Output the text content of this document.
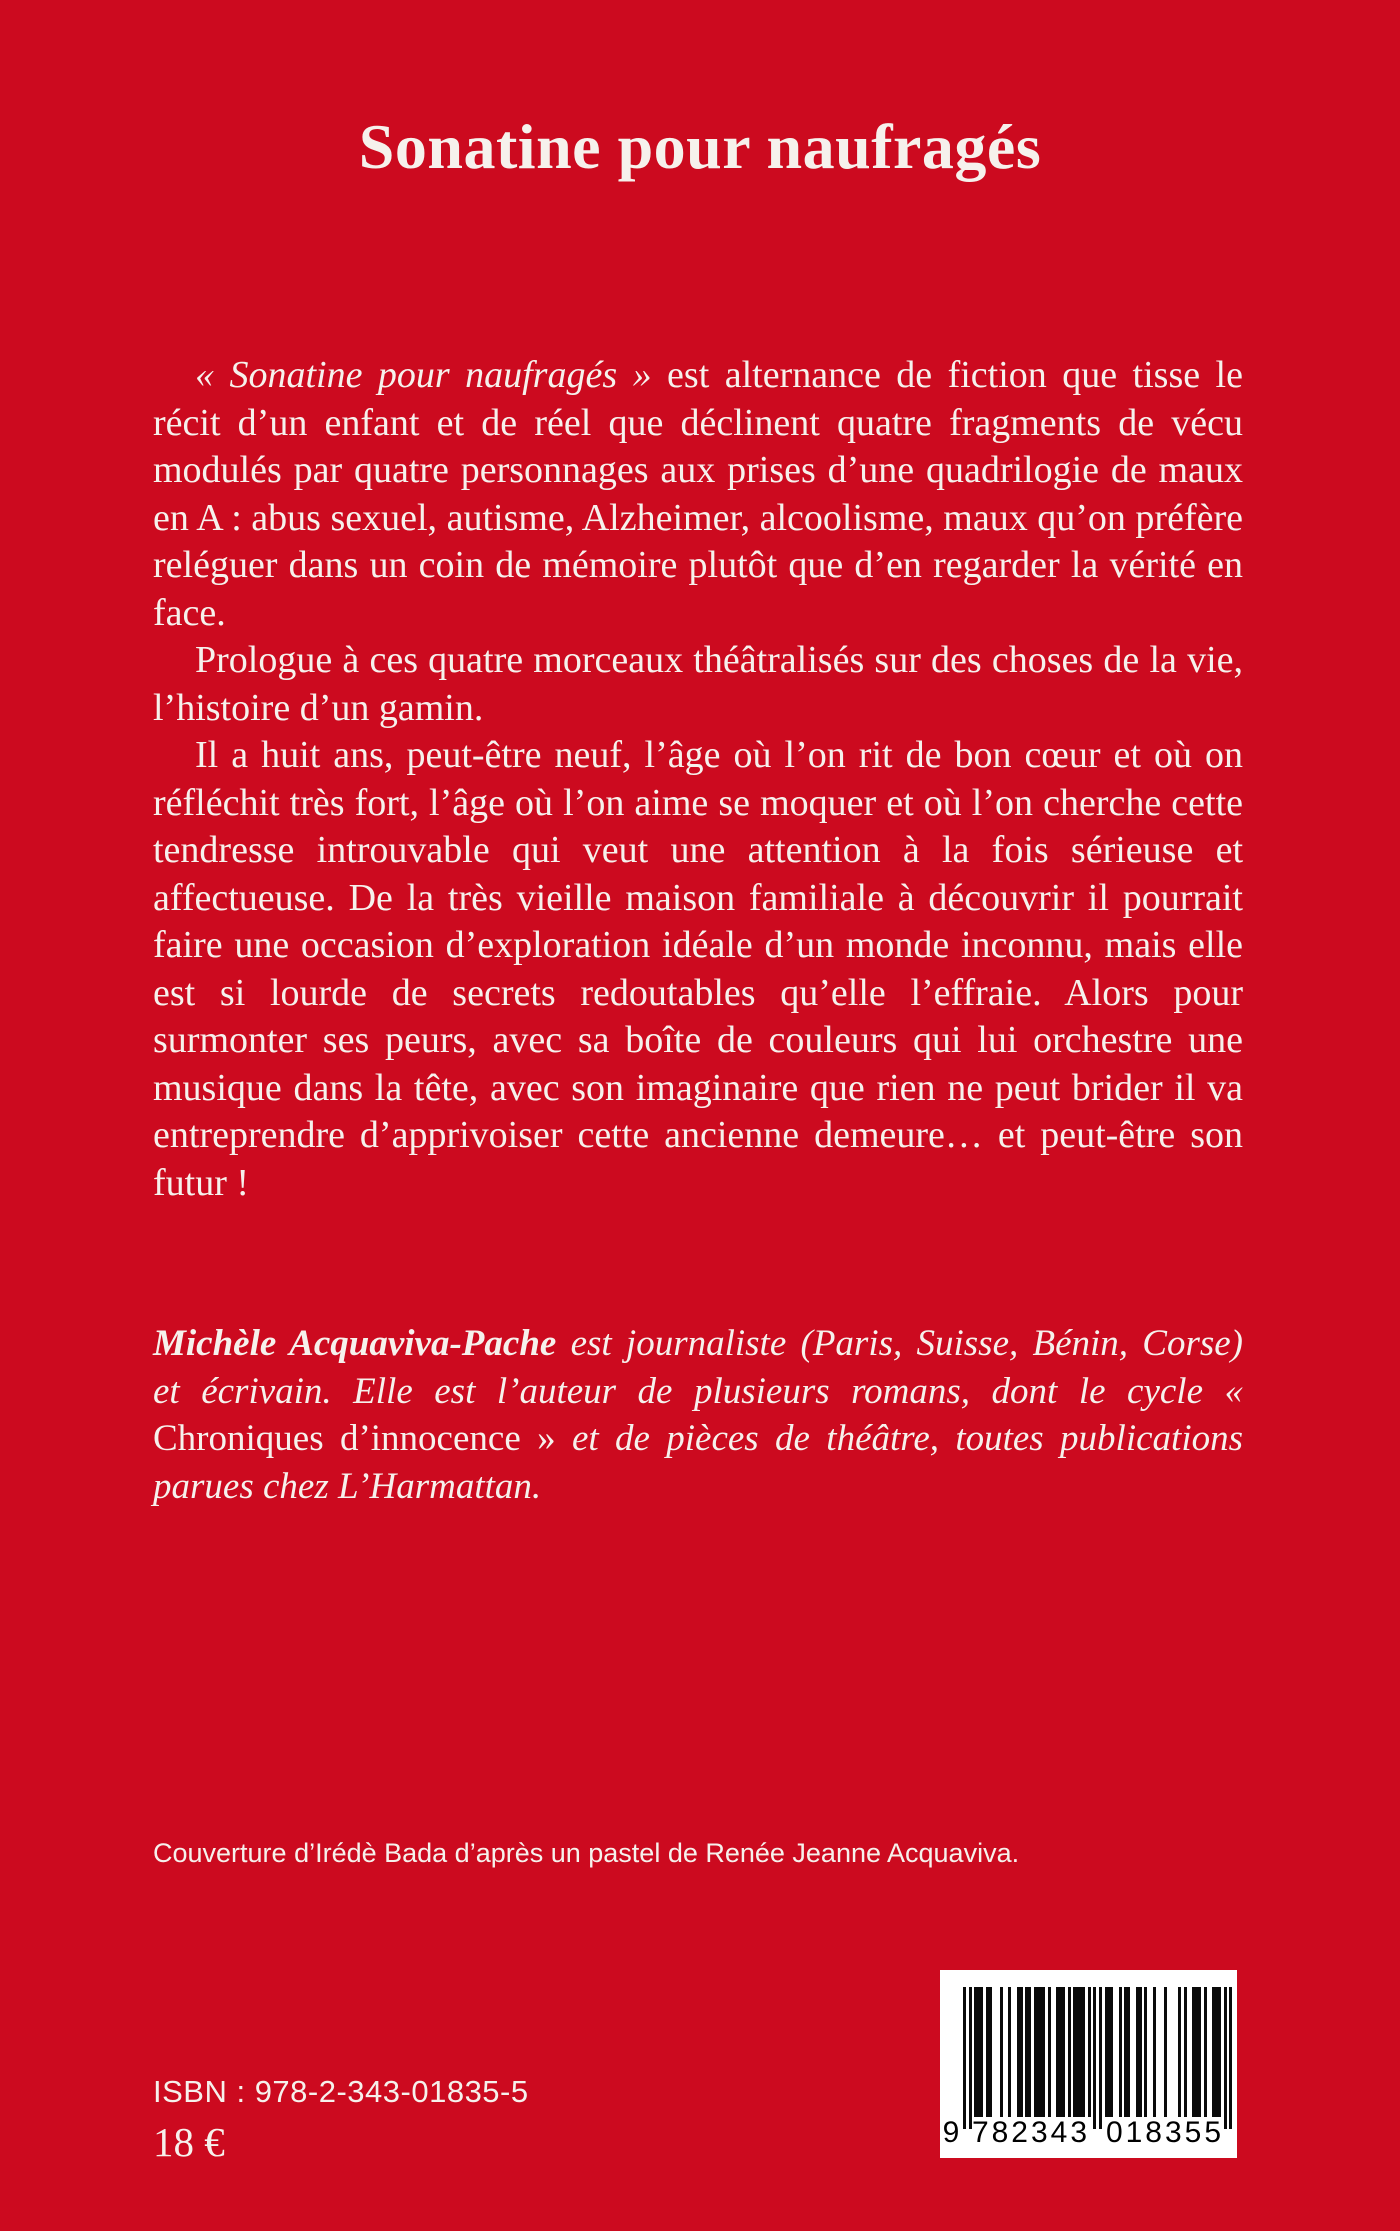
Sonatine pour naufragés

« Sonatine pour naufragés » est alternance de fiction que tisse le récit d’un enfant et de réel que déclinent quatre fragments de vécu modulés par quatre personnages aux prises d’une quadrilogie de maux en A : abus sexuel, autisme, Alzheimer, alcoolisme, maux qu’on préfère reléguer dans un coin de mémoire plutôt que d’en regarder la vérité en face.

Prologue à ces quatre morceaux théâtralisés sur des choses de la vie, l’histoire d’un gamin.

Il a huit ans, peut-être neuf, l’âge où l’on rit de bon cœur et où on réfléchit très fort, l’âge où l’on aime se moquer et où l’on cherche cette tendresse introuvable qui veut une attention à la fois sérieuse et affectueuse. De la très vieille maison familiale à découvrir il pourrait faire une occasion d’exploration idéale d’un monde inconnu, mais elle est si lourde de secrets redoutables qu’elle l’effraie. Alors pour surmonter ses peurs, avec sa boîte de couleurs qui lui orchestre une musique dans la tête, avec son imaginaire que rien ne peut brider il va entreprendre d’apprivoiser cette ancienne demeure… et peut-être son futur !

Michèle Acquaviva-Pache est journaliste (Paris, Suisse, Bénin, Corse) et écrivain. Elle est l’auteur de plusieurs romans, dont le cycle « Chroniques d’innocence » et de pièces de théâtre, toutes publications parues chez L’Harmattan.
Couverture d’Irédè Bada d’après un pastel de Renée Jeanne Acquaviva.
ISBN : 978-2-343-01835-5
18 €	9 782343 018355
